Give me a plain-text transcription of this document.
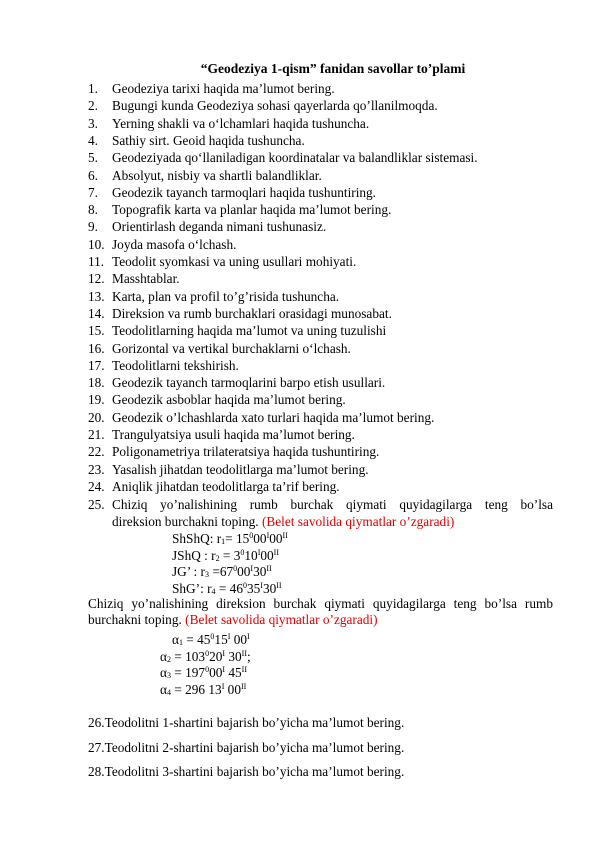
“Geodeziya 1-qism” fanidan savollar to’plami
1. Geodeziya tarixi haqida ma’lumot bering.
2. Bugungi kunda Geodeziya sohasi qayerlarda qo’llanilmoqda.
3. Yerning shakli va o‘lchamlari haqida tushuncha.
4. Sathiy sirt. Geoid haqida tushuncha.
5. Geodeziyada qo‘llaniladigan koordinatalar va balandliklar sistemasi.
6. Absolyut, nisbiy va shartli balandliklar.
7. Geodezik tayanch tarmoqlari haqida tushuntiring.
8. Topografik karta va planlar haqida ma’lumot bering.
9. Orientirlash deganda nimani tushunasiz.
10. Joyda masofa o‘lchash.
11. Teodolit syomkasi va uning usullari mohiyati.
12. Masshtablar.
13. Karta, plan va profil to’g’risida tushuncha.
14. Direksion va rumb burchaklari orasidagi munosabat.
15. Teodolitlarning haqida ma’lumot va uning tuzulishi
16. Gorizontal va vertikal burchaklarni o‘lchash.
17. Teodolitlarni tekshirish.
18. Geodezik tayanch tarmoqlarini barpo etish usullari.
19. Geodezik asboblar haqida ma’lumot bering.
20. Geodezik o’lchashlarda xato turlari haqida ma’lumot bering.
21. Trangulyatsiya usuli haqida ma’lumot bering.
22. Poligonametriya trilateratsiya haqida tushuntiring.
23. Yasalish jihatdan teodolitlarga ma’lumot bering.
24. Aniqlik jihatdan teodolitlarga ta’rif bering.
25. Chiziq yo’nalishining rumb burchak qiymati quyidagilarga teng bo’lsa
direksion burchakni toping. (Belet savolida qiymatlar o’zgaradi)
ShShQ: $r_1= 15^000^I00^{II}$
JShQ : $r_2 = 3^010^I00^{II}$
JG’ : $r_3 =67^000^I30^{II}$
ShG’: $r_4 = 46^035^I30^{II}$
Chiziq yo’nalishining direksion burchak qiymati quyidagilarga teng bo’lsa rumb
burchakni toping. (Belet savolida qiymatlar o’zgaradi)
$\alpha_1 = 45^015^I$ $00^I$
$\alpha_2 = 103^020^I$ $30^{II}$;
$\alpha_3 = 197^000^I$ $45^{II}$
$\alpha_4 = 296$ $13^I$ $00^{II}$
26.Teodolitni 1-shartini bajarish bo’yicha ma’lumot bering.
27.Teodolitni 2-shartini bajarish bo’yicha ma’lumot bering.
28.Teodolitni 3-shartini bajarish bo’yicha ma’lumot bering.
